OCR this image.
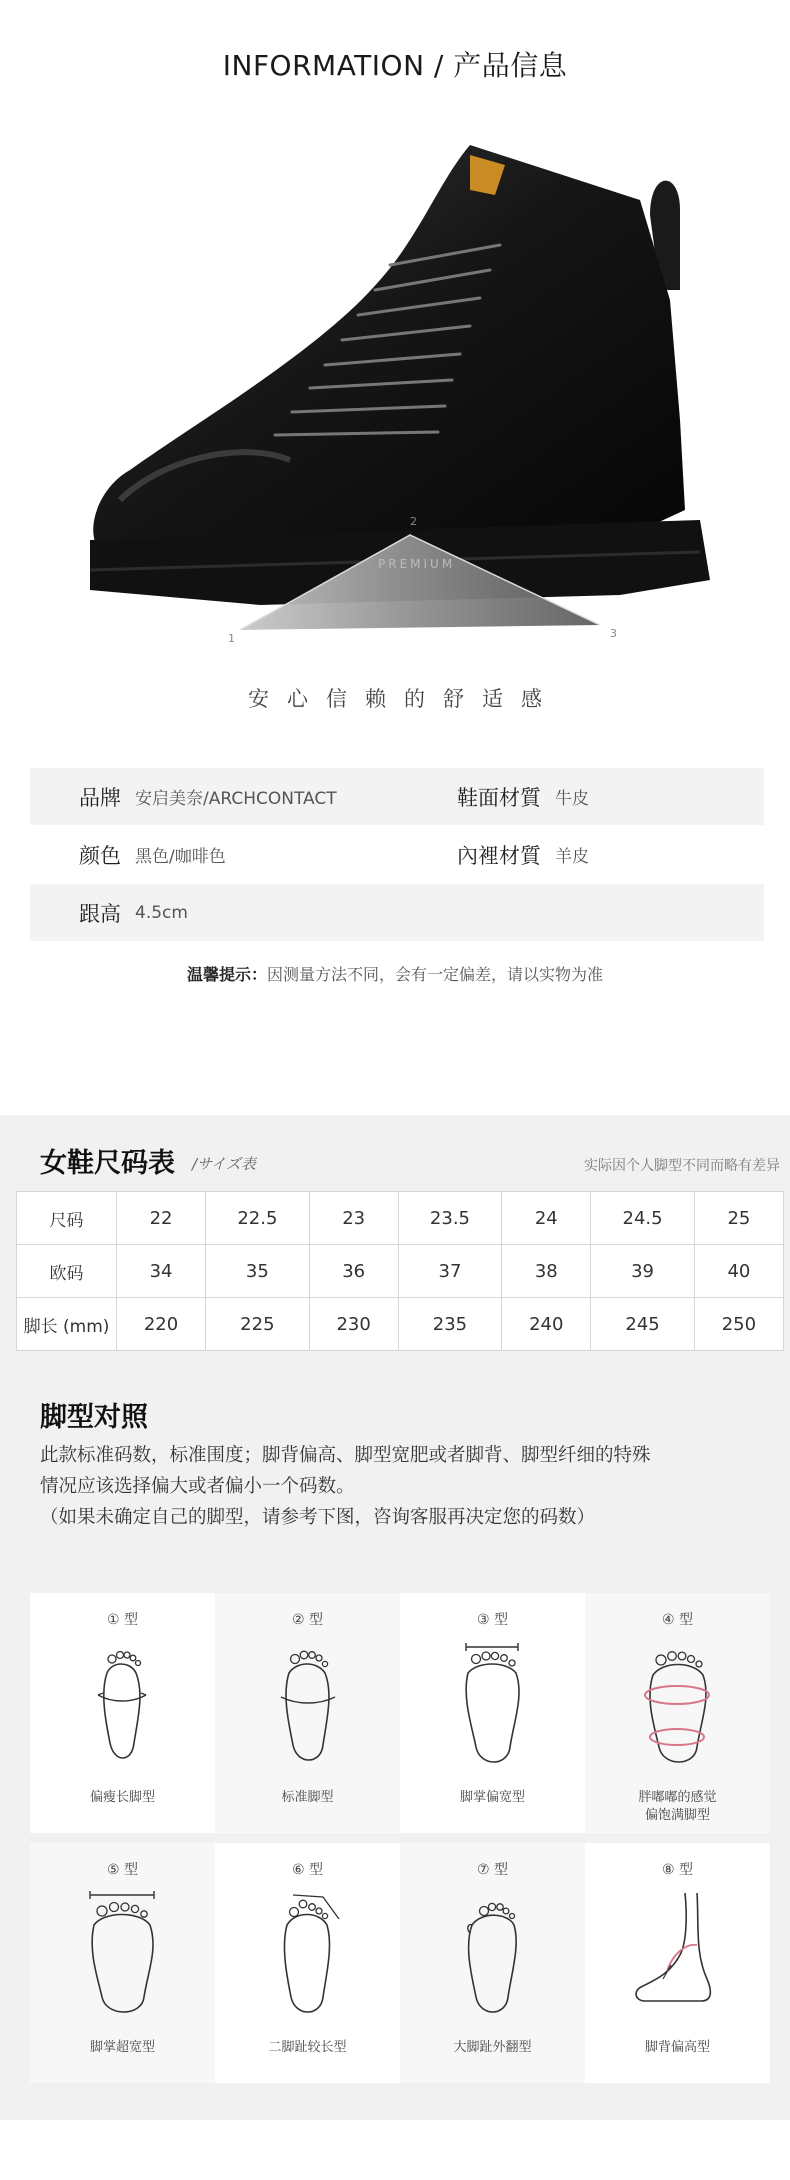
INFORMATION / 产品信息
1
2
3
PREMIUM
安心信赖的舒适感
品牌 安启美奈/ARCHCONTACT	鞋面材質 牛皮
颜色 黑色/咖啡色	內裡材質 羊皮
跟高 4.5cm
温馨提示：因测量方法不同，会有一定偏差，请以实物为准
女鞋尺码表 /サイズ表	实际因个人脚型不同而略有差异
尺码	22	22.5	23	23.5	24	24.5	25
欧码	34	35	36	37	38	39	40
脚长 (mm)	220	225	230	235	240	245	250
脚型对照
此款标准码数，标准围度；脚背偏高、脚型宽肥或者脚背、脚型纤细的特殊
情况应该选择偏大或者偏小一个码数。
（如果未确定自己的脚型，请参考下图，咨询客服再决定您的码数）
① 型
偏瘦长脚型
② 型
标准脚型
③ 型
脚掌偏宽型
④ 型
胖嘟嘟的感觉
偏饱满脚型
⑤ 型
脚掌超宽型
⑥ 型
二脚趾较长型
⑦ 型
大脚趾外翻型
⑧ 型
脚背偏高型
